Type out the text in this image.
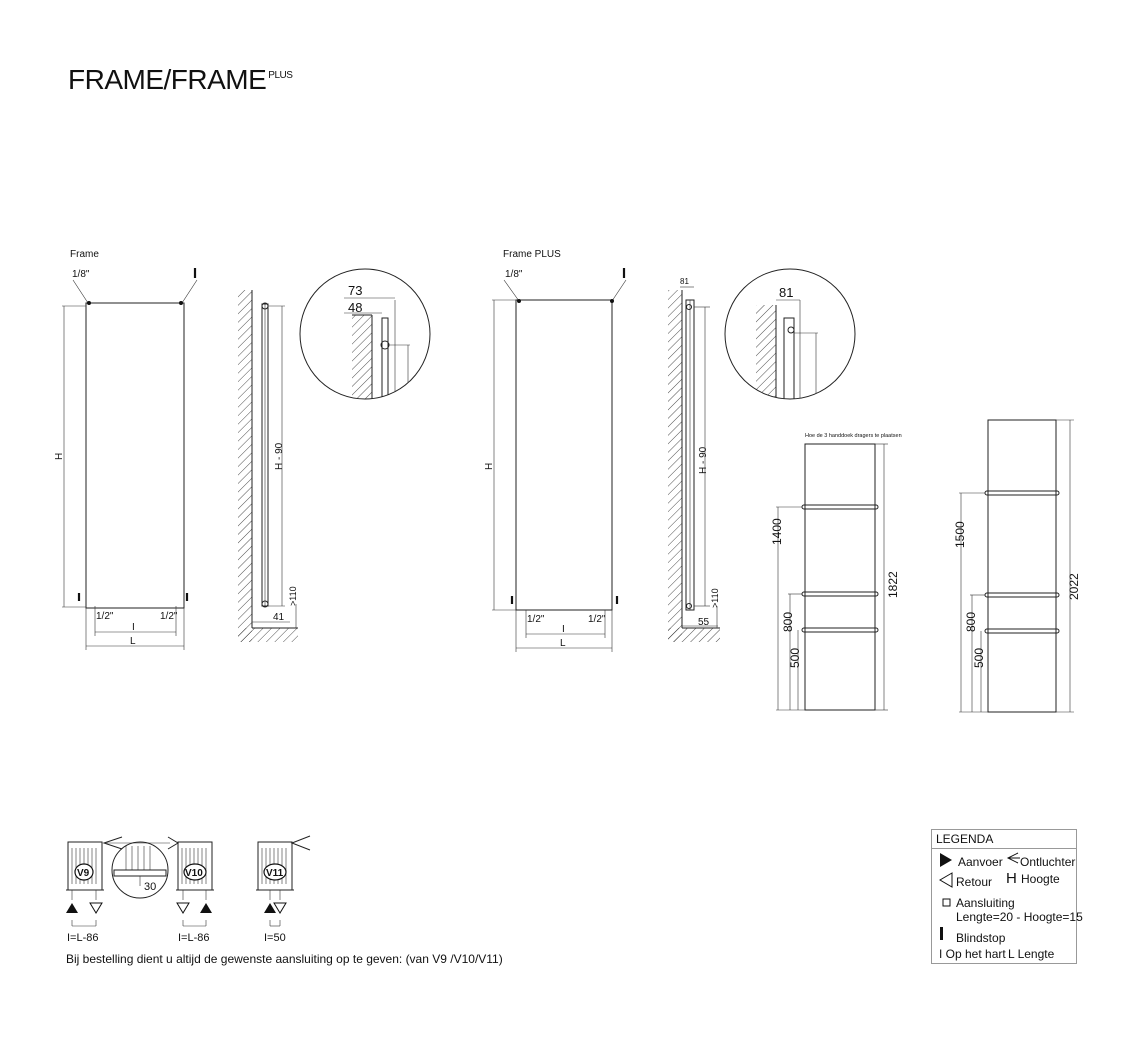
FRAME/FRAME $^{PLUS}$
Frame
1/8"
H
1/2"	1/2"
I
L
H - 90
>110
41
73
48
Frame PLUS
1/8"
H
1/2"	1/2"
I
L
81
H - 90
>110
55
81
Hoe de 3 handdoek dragers te plaatsen
1400
800
500
1822
1500
800
500
2022
V9
I=L-86
30
V10
I=L-86
V11
I=50
Bij bestelling dient u altijd de gewenste aansluiting op te geven: (van V9 /V10/V11)
LEGENDA
Aanvoer Ontluchter
Retour H Hoogte
Aansluiting
Lengte=20 - Hoogte=15
Blindstop
I Op het hart L Lengte
